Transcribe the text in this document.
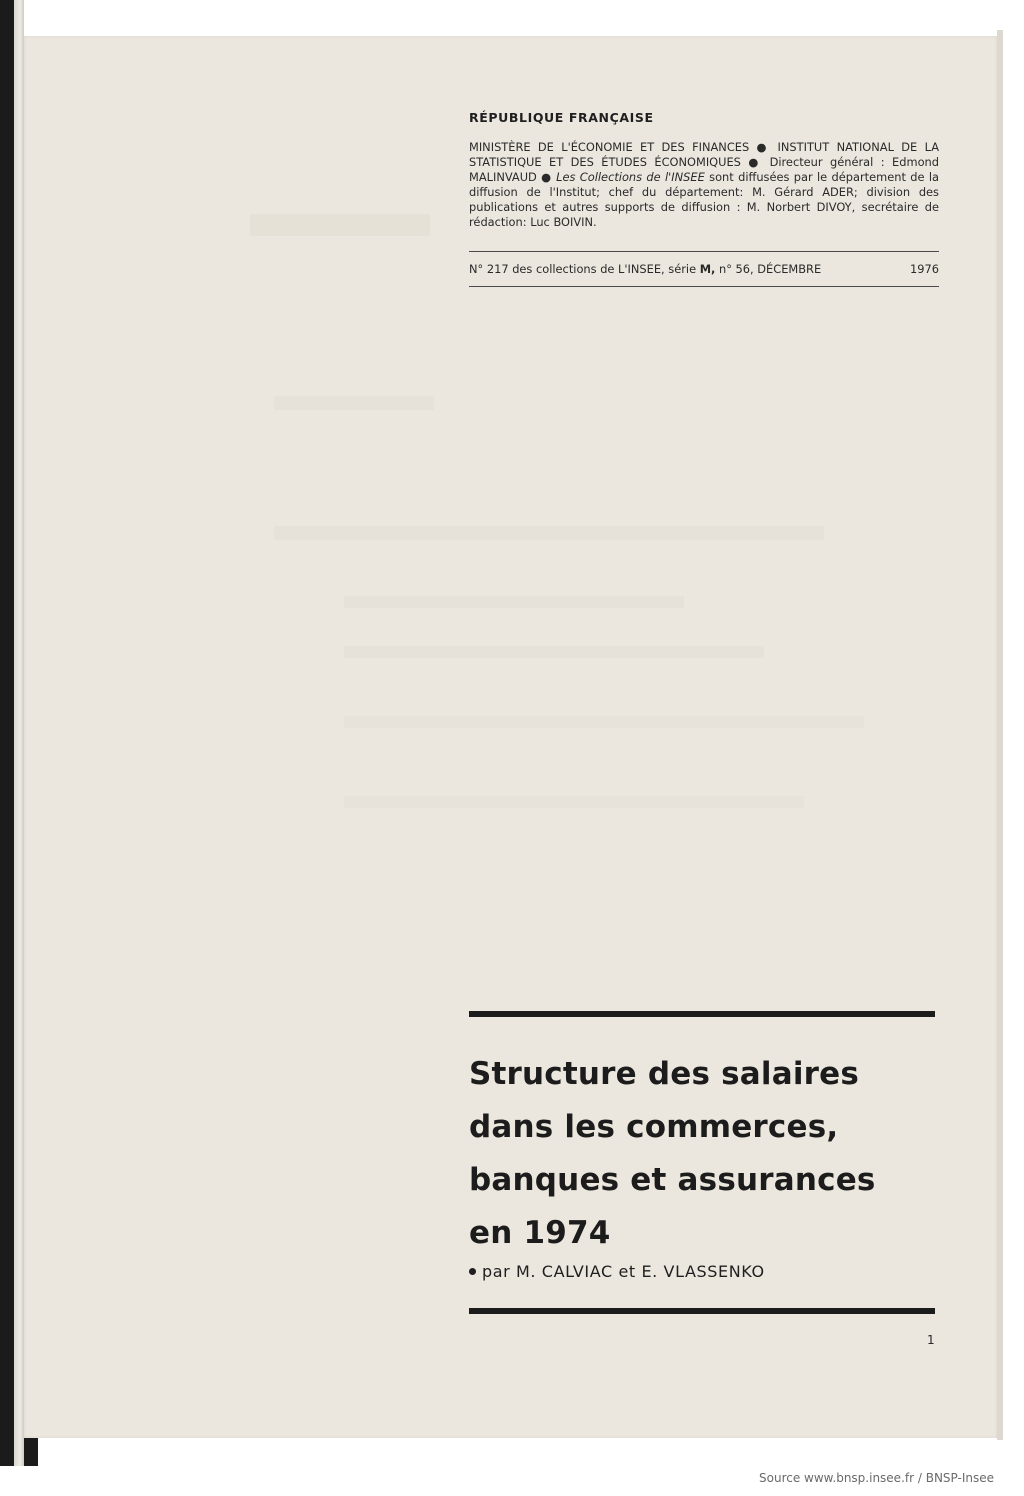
RÉPUBLIQUE FRANÇAISE
MINISTÈRE DE L'ÉCONOMIE ET DES FINANCES ● INSTITUT NATIONAL DE LA STATISTIQUE ET DES ÉTUDES ÉCONOMIQUES ● Directeur général : Edmond MALINVAUD ● Les Collections de l'INSEE sont diffusées par le département de la diffusion de l'Institut; chef du département: M. Gérard ADER; division des publications et autres supports de diffusion : M. Norbert DIVOY, secrétaire de rédaction: Luc BOIVIN.
N° 217 des collections de L'INSEE, série M, n° 56, DÉCEMBRE	1976
Structure des salaires
dans les commerces,
banques et assurances
en 1974
par M. CALVIAC et E. VLASSENKO
1
Source www.bnsp.insee.fr / BNSP-Insee
